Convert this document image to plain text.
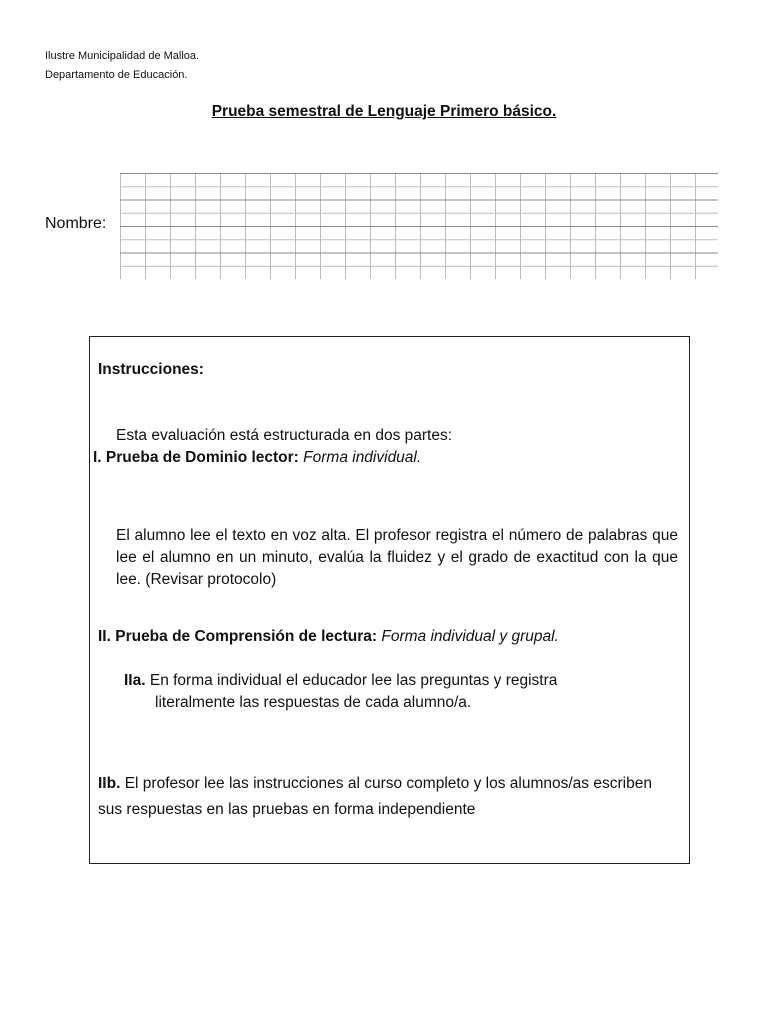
Ilustre Municipalidad de Malloa.
Departamento de Educación.
Prueba semestral de Lenguaje Primero básico.
Nombre:

Instrucciones:

Esta evaluación está estructurada en dos partes:

I. Prueba de Dominio lector: Forma individual.

El alumno lee el texto en voz alta. El profesor registra el número de palabras que lee el alumno en un minuto, evalúa la fluidez y el grado de exactitud con la que lee. (Revisar protocolo)

II. Prueba de Comprensión de lectura: Forma individual y grupal.

IIa. En forma individual el educador lee las preguntas y registra
literalmente las respuestas de cada alumno/a.

IIb. El profesor lee las instrucciones al curso completo y los alumnos/as escriben sus respuestas en las pruebas en forma independiente
